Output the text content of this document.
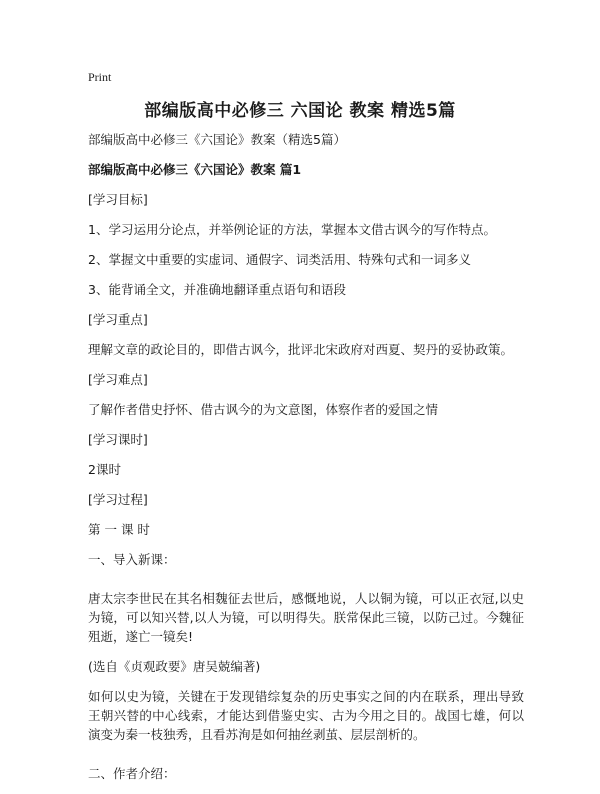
Print
部编版高中必修三 六国论 教案 精选5篇

部编版高中必修三《六国论》教案（精选5篇）

部编版高中必修三《六国论》教案 篇1

[学习目标]

1、学习运用分论点，并举例论证的方法，掌握本文借古讽今的写作特点。

2、掌握文中重要的实虚词、通假字、词类活用、特殊句式和一词多义

3、能背诵全文，并准确地翻译重点语句和语段

[学习重点]

理解文章的政论目的，即借古讽今，批评北宋政府对西夏、契丹的妥协政策。

[学习难点]

了解作者借史抒怀、借古讽今的为文意图，体察作者的爱国之情

[学习课时]

2课时

[学习过程]

第 一 课 时

一、导入新课：

唐太宗李世民在其名相魏征去世后，感慨地说，人以铜为镜，可以正衣冠,以史为镜，可以知兴替,以人为镜，可以明得失。朕常保此三镜，以防己过。今魏征殂逝，遂亡一镜矣!

(选自《贞观政要》唐吴兢编著)

如何以史为镜，关键在于发现错综复杂的历史事实之间的内在联系，理出导致王朝兴替的中心线索，才能达到借鉴史实、古为今用之目的。战国七雄，何以演变为秦一枝独秀，且看苏洵是如何抽丝剥茧、层层剖析的。

二、作者介绍：
